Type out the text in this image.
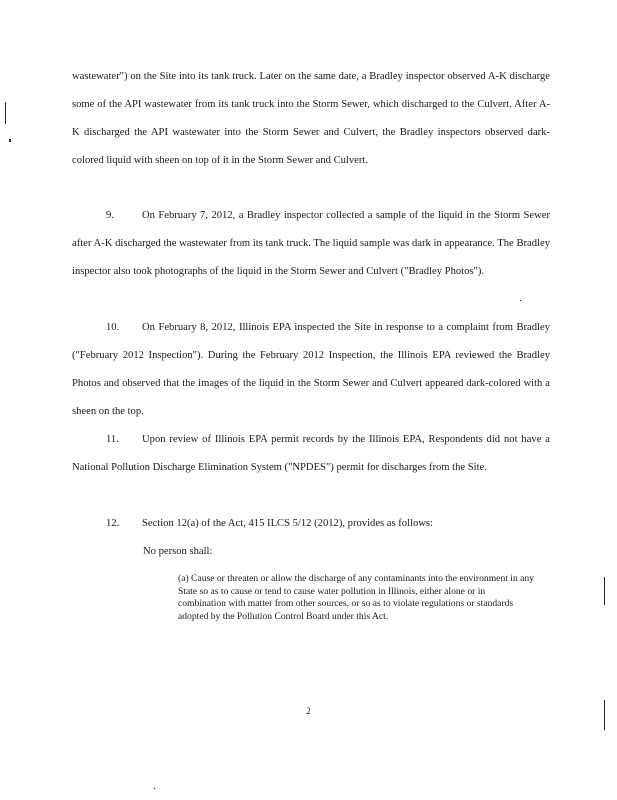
wastewater") on the Site into its tank truck. Later on the same date, a Bradley inspector observed A-K discharge some of the API wastewater from its tank truck into the Storm Sewer, which discharged to the Culvert. After A-K discharged the API wastewater into the Storm Sewer and Culvert, the Bradley inspectors observed dark-colored liquid with sheen on top of it in the Storm Sewer and Culvert.

9.	On February 7, 2012, a Bradley inspector collected a sample of the liquid in the Storm Sewer after A-K discharged the wastewater from its tank truck. The liquid sample was dark in appearance. The Bradley inspector also took photographs of the liquid in the Storm Sewer and Culvert ("Bradley Photos").

10. On February 8, 2012, Illinois EPA inspected the Site in response to a complaint from Bradley ("February 2012 Inspection"). During the February 2012 Inspection, the Illinois EPA reviewed the Bradley Photos and observed that the images of the liquid in the Storm Sewer and Culvert appeared dark-colored with a sheen on the top.

11. Upon review of Illinois EPA permit records by the Illinois EPA, Respondents did not have a National Pollution Discharge Elimination System ("NPDES") permit for discharges from the Site.

12. Section 12(a) of the Act, 415 ILCS 5/12 (2012), provides as follows:

No person shall:

(a) Cause or threaten or allow the discharge of any contaminants into the environment in any State so as to cause or tend to cause water pollution in Illinois, either alone or in combination with matter from other sources, or so as to violate regulations or standards adopted by the Pollution Control Board under this Act.

2
